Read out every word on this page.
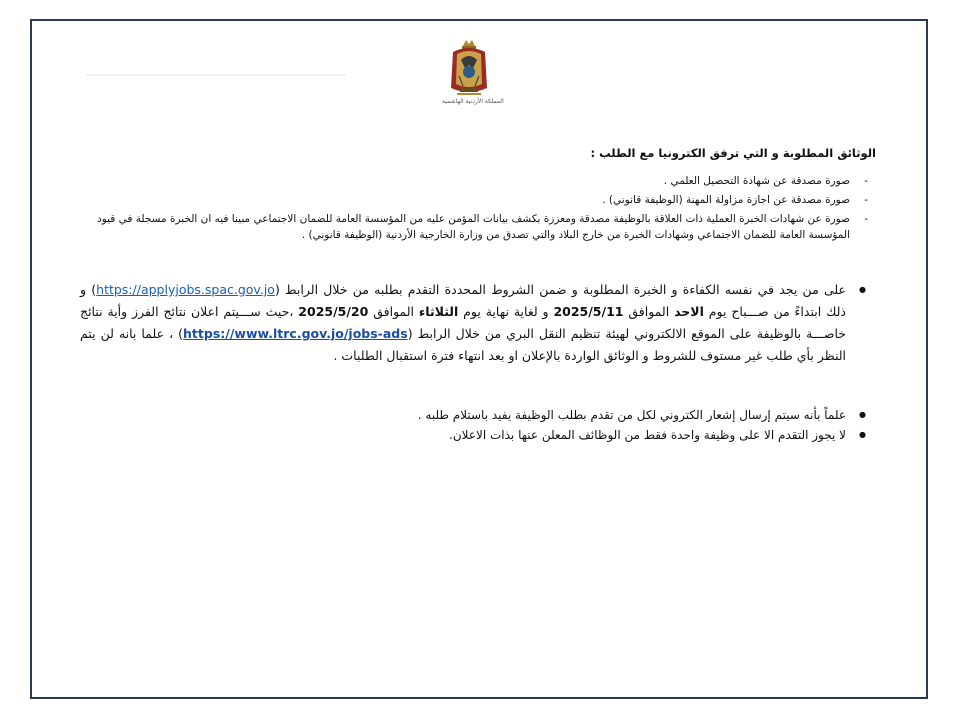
المملكة الأردنية الهاشمية
الوثائق المطلوبة و التي ترفق الكترونيا مع الطلب :
- صورة مصدقة عن شهادة التحصيل العلمي .
- صورة مصدقة عن اجازة مزاولة المهنة (الوظيفة قانوني) .
- صورة عن شهادات الخبرة العملية ذات العلاقة بالوظيفة مصدقة ومعززة بكشف بيانات المؤمن عليه من المؤسسة العامة للضمان الاجتماعي مبينا فيه ان الخبرة مسجلة في قيود المؤسسة العامة للضمان الاجتماعي وشهادات الخبرة من خارج البلاد والتي تصدق من وزارة الخارجية الأردنية (الوظيفة قانوني) .
● على من يجد في نفسه الكفاءة و الخبرة المطلوبة و ضمن الشروط المحددة التقدم بطلبه من خلال الرابط (https://applyjobs.spac.gov.jo) و ذلك ابتداءً من صـــباح يوم الاحد الموافق 2025/5/11 و لغاية نهاية يوم الثلاثاء الموافق 2025/5/20 ،حيث ســـيتم اعلان نتائج الفرز وأية نتائج خاصـــة بالوظيفة على الموقع الالكتروني لهيئة تنظيم النقل البري من خلال الرابط (https://www.ltrc.gov.jo/jobs-ads) ، علما بانه لن يتم النظر بأي طلب غير مستوف للشروط و الوثائق الواردة بالإعلان او بعد انتهاء فترة استقبال الطلبات .
● علماً بأنه سيتم إرسال إشعار الكتروني لكل من تقدم بطلب الوظيفة يفيد باستلام طلبه .
● لا يجوز التقدم الا على وظيفة واحدة فقط من الوظائف المعلن عنها بذات الاعلان.
